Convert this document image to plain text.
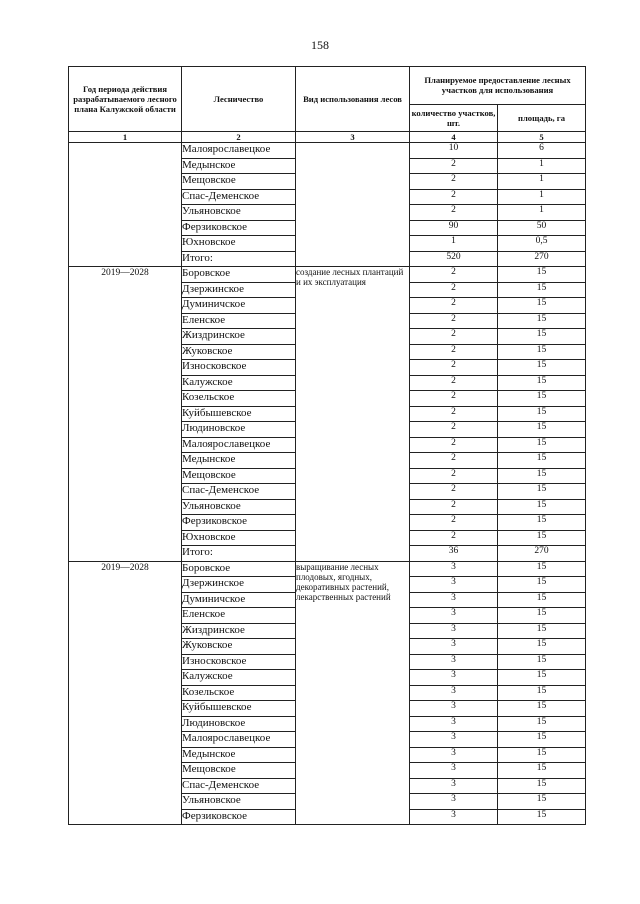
158
Год периода действия разрабатываемого лесного плана Калужской области	Лесничество	Вид использования лесов	Планируемое предоставление лесных участков для использования	
			количество участков, шт.	площадь, га
1	2	3	4	5
	Малоярославецкое		10	6
	Медынское		2	1
	Мещовское		2	1
	Спас-Деменское		2	1
	Ульяновское		2	1
	Ферзиковское		90	50
	Юхновское		1	0,5
	Итого:		520	270
2019—2028	Боровское	создание лесных плантаций и их эксплуатация	2	15
	Дзержинское		2	15
	Думиничское		2	15
	Еленское		2	15
	Жиздринское		2	15
	Жуковское		2	15
	Износковское		2	15
	Калужское		2	15
	Козельское		2	15
	Куйбышевское		2	15
	Людиновское		2	15
	Малоярославецкое		2	15
	Медынское		2	15
	Мещовское		2	15
	Спас-Деменское		2	15
	Ульяновское		2	15
	Ферзиковское		2	15
	Юхновское		2	15
	Итого:		36	270
2019—2028	Боровское	выращивание лесных плодовых, ягодных, декоративных растений, лекарственных растений	3	15
	Дзержинское		3	15
	Думиничское		3	15
	Еленское		3	15
	Жиздринское		3	15
	Жуковское		3	15
	Износковское		3	15
	Калужское		3	15
	Козельское		3	15
	Куйбышевское		3	15
	Людиновское		3	15
	Малоярославецкое		3	15
	Медынское		3	15
	Мещовское		3	15
	Спас-Деменское		3	15
	Ульяновское		3	15
	Ферзиковское		3	15
